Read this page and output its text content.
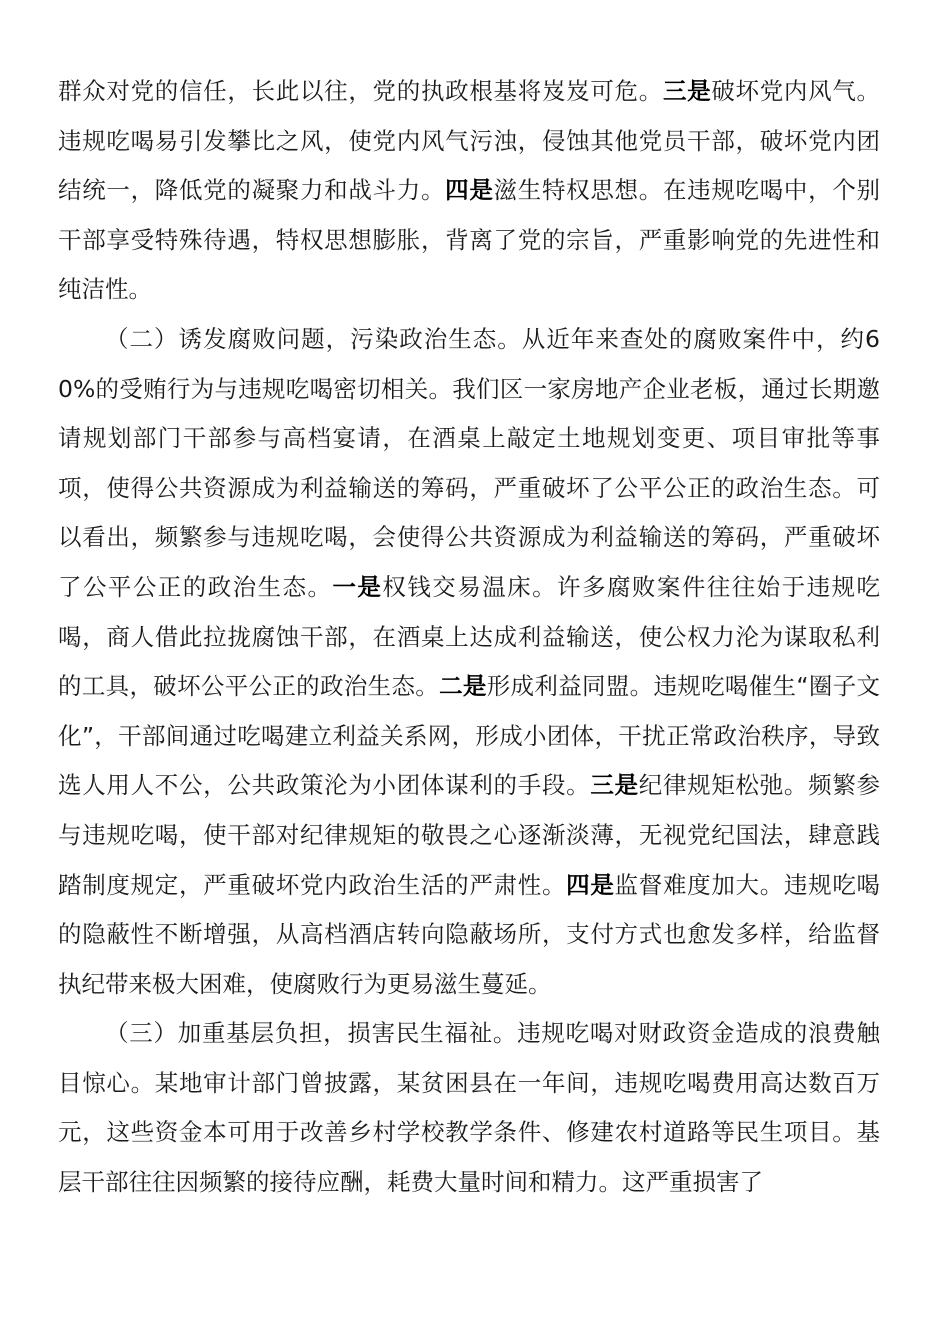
群众对党的信任，长此以往，党的执政根基将岌岌可危。三是破坏党内风气。违规吃喝易引发攀比之风，使党内风气污浊，侵蚀其他党员干部，破坏党内团结统一，降低党的凝聚力和战斗力。四是滋生特权思想。在违规吃喝中，个别干部享受特殊待遇，特权思想膨胀，背离了党的宗旨，严重影响党的先进性和纯洁性。

（二）诱发腐败问题，污染政治生态。从近年来查处的腐败案件中，约60%的受贿行为与违规吃喝密切相关。我们区一家房地产企业老板，通过长期邀请规划部门干部参与高档宴请，在酒桌上敲定土地规划变更、项目审批等事项，使得公共资源成为利益输送的筹码，严重破坏了公平公正的政治生态。可以看出，频繁参与违规吃喝，会使得公共资源成为利益输送的筹码，严重破坏了公平公正的政治生态。一是权钱交易温床。许多腐败案件往往始于违规吃喝，商人借此拉拢腐蚀干部，在酒桌上达成利益输送，使公权力沦为谋取私利的工具，破坏公平公正的政治生态。二是形成利益同盟。违规吃喝催生“圈子文化”，干部间通过吃喝建立利益关系网，形成小团体，干扰正常政治秩序，导致选人用人不公，公共政策沦为小团体谋利的手段。三是纪律规矩松弛。频繁参与违规吃喝，使干部对纪律规矩的敬畏之心逐渐淡薄，无视党纪国法，肆意践踏制度规定，严重破坏党内政治生活的严肃性。四是监督难度加大。违规吃喝的隐蔽性不断增强，从高档酒店转向隐蔽场所，支付方式也愈发多样，给监督执纪带来极大困难，使腐败行为更易滋生蔓延。

（三）加重基层负担，损害民生福祉。违规吃喝对财政资金造成的浪费触目惊心。某地审计部门曾披露，某贫困县在一年间，违规吃喝费用高达数百万元，这些资金本可用于改善乡村学校教学条件、修建农村道路等民生项目。基层干部往往因频繁的接待应酬，耗费大量时间和精力。这严重损害了
